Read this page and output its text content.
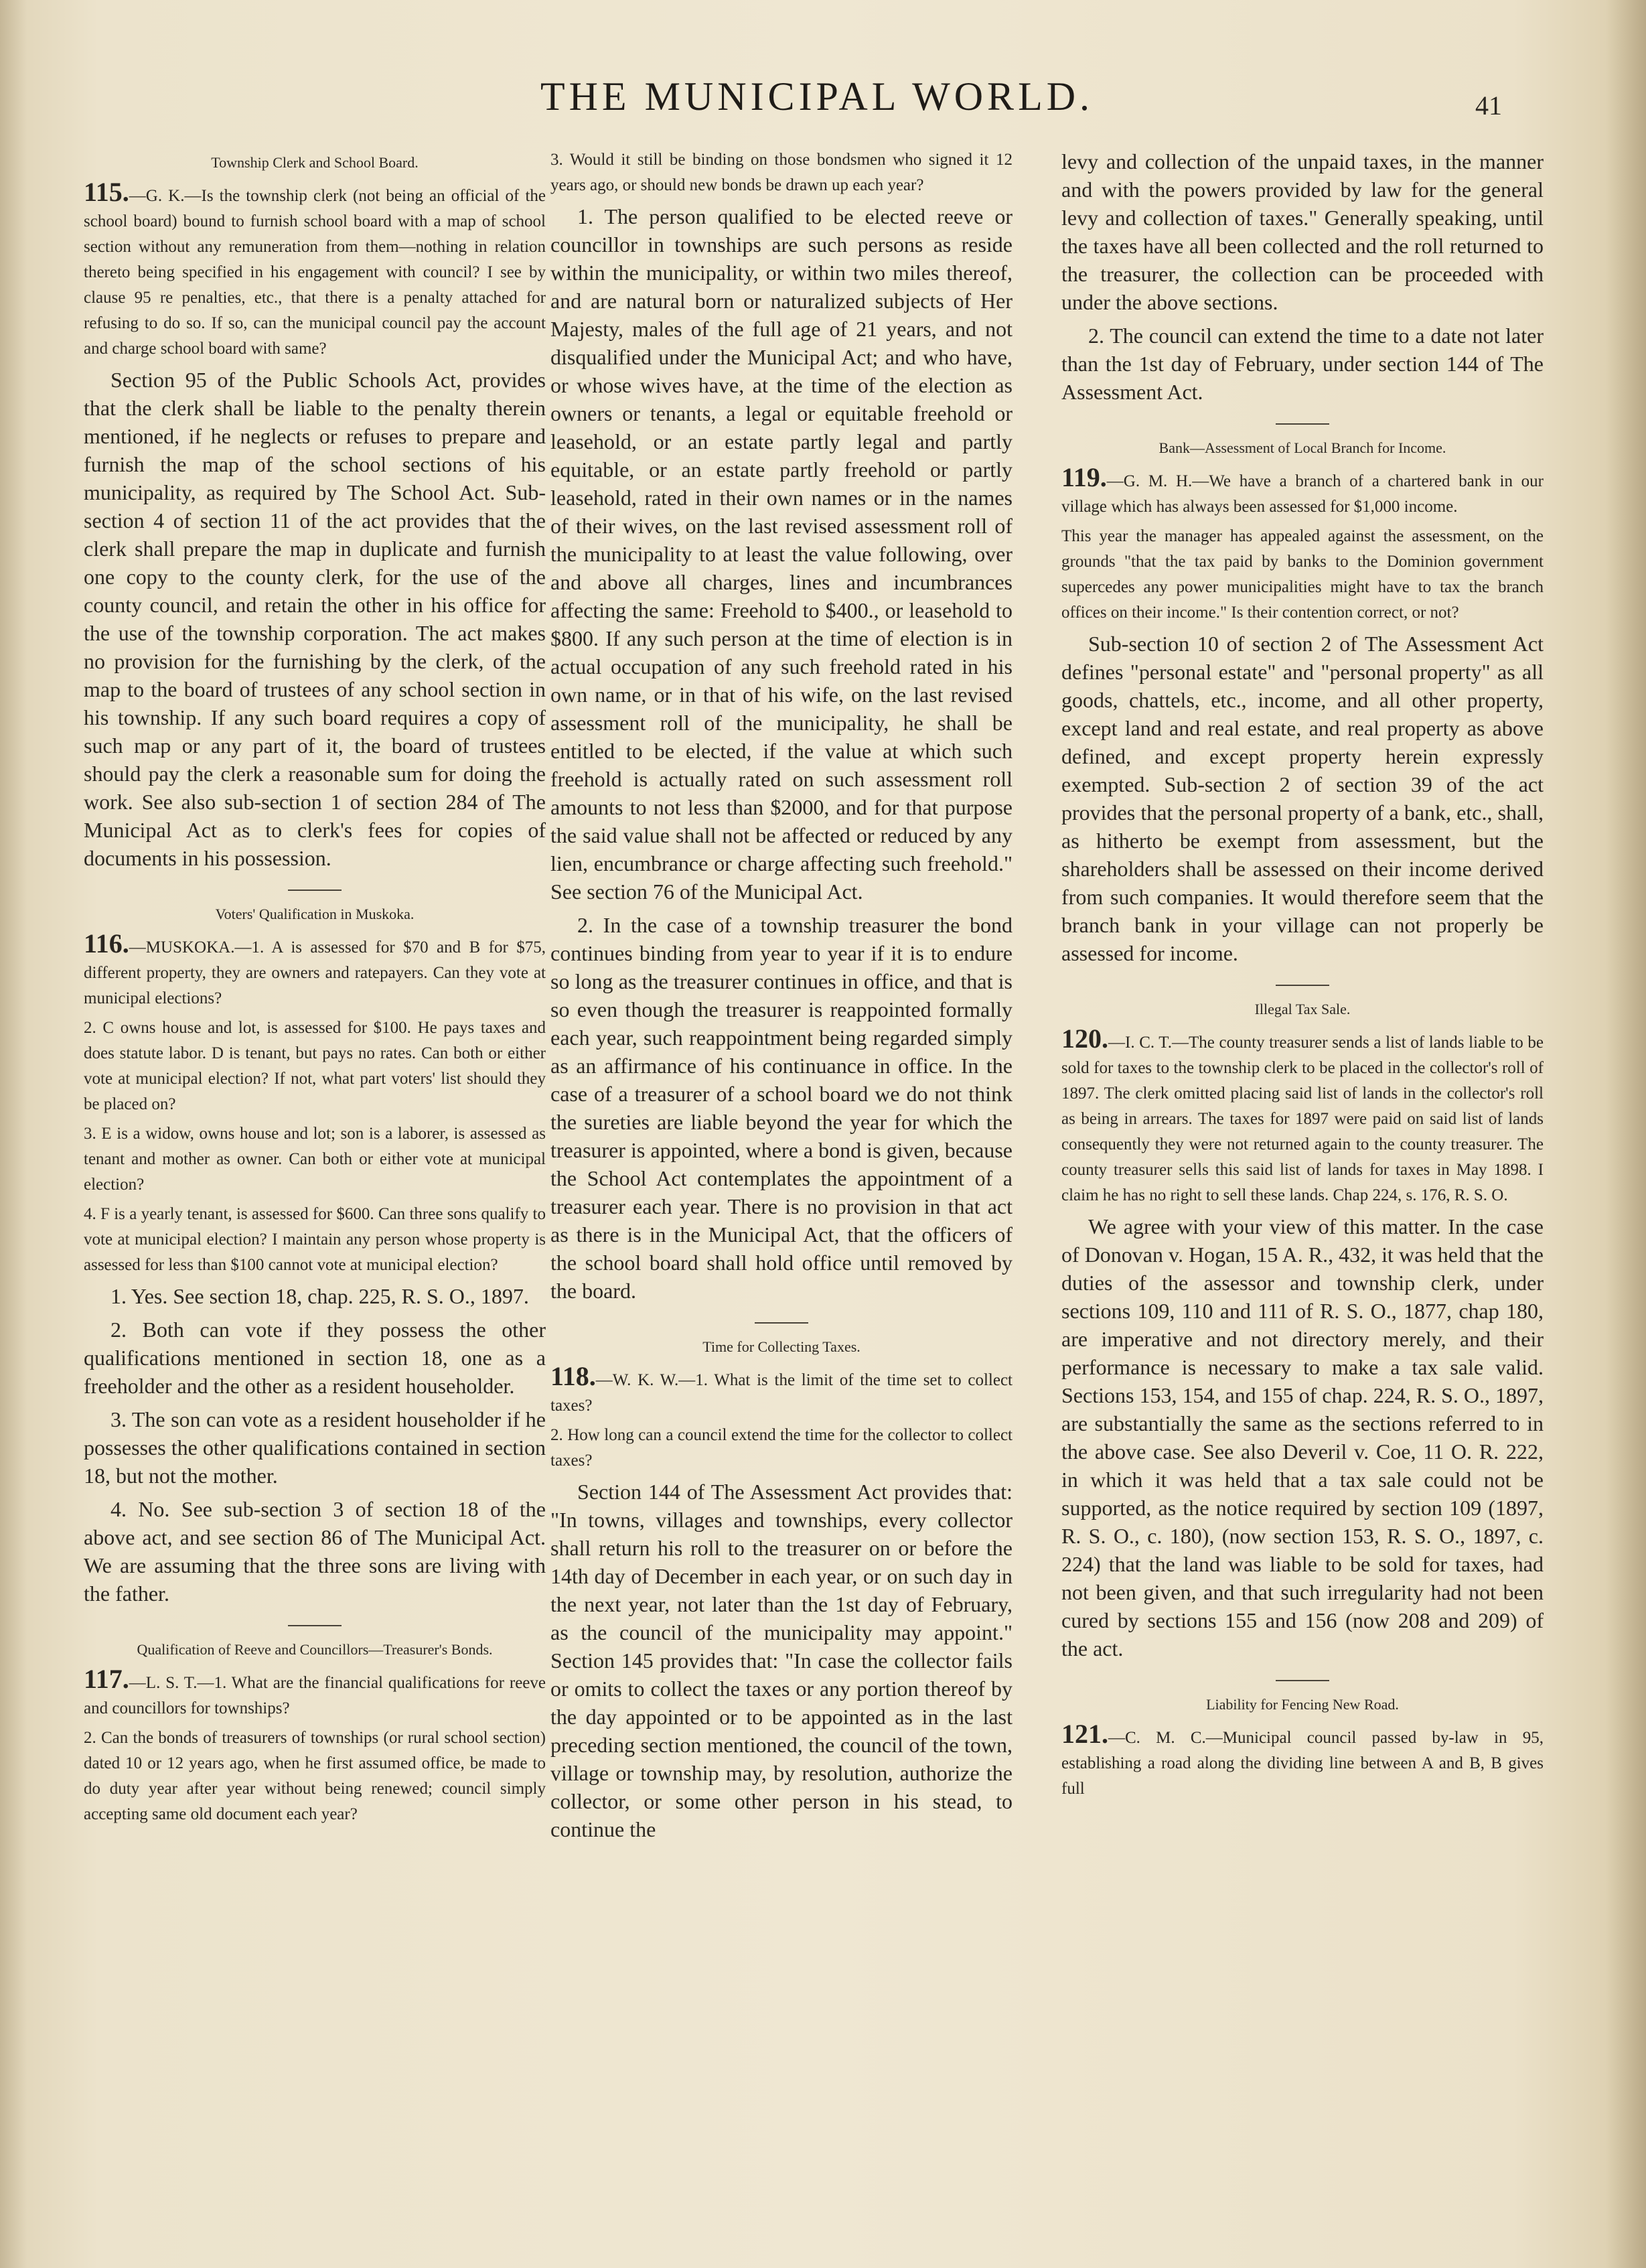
THE MUNICIPAL WORLD.	41
Township Clerk and School Board.

115.—G. K.—Is the township clerk (not being an official of the school board) bound to furnish school board with a map of school section without any remuneration from them—nothing in relation thereto being specified in his engagement with council? I see by clause 95 re penalties, etc., that there is a penalty attached for refusing to do so. If so, can the municipal council pay the account and charge school board with same?

Section 95 of the Public Schools Act, provides that the clerk shall be liable to the penalty therein mentioned, if he neglects or refuses to prepare and furnish the map of the school sections of his municipality, as required by The School Act. Sub-section 4 of section 11 of the act provides that the clerk shall prepare the map in duplicate and furnish one copy to the county clerk, for the use of the county council, and retain the other in his office for the use of the township corporation. The act makes no provision for the furnishing by the clerk, of the map to the board of trustees of any school section in his township. If any such board requires a copy of such map or any part of it, the board of trustees should pay the clerk a reasonable sum for doing the work. See also sub-section 1 of section 284 of The Municipal Act as to clerk's fees for copies of documents in his possession.

Voters' Qualification in Muskoka.

116.—MUSKOKA.—1. A is assessed for $70 and B for $75, different property, they are owners and ratepayers. Can they vote at municipal elections?

2. C owns house and lot, is assessed for $100. He pays taxes and does statute labor. D is tenant, but pays no rates. Can both or either vote at municipal election? If not, what part voters' list should they be placed on?

3. E is a widow, owns house and lot; son is a laborer, is assessed as tenant and mother as owner. Can both or either vote at municipal election?

4. F is a yearly tenant, is assessed for $600. Can three sons qualify to vote at municipal election? I maintain any person whose property is assessed for less than $100 cannot vote at municipal election?

1. Yes. See section 18, chap. 225, R. S. O., 1897.

2. Both can vote if they possess the other qualifications mentioned in section 18, one as a freeholder and the other as a resident householder.

3. The son can vote as a resident householder if he possesses the other qualifications contained in section 18, but not the mother.

4. No. See sub-section 3 of section 18 of the above act, and see section 86 of The Municipal Act. We are assuming that the three sons are living with the father.

Qualification of Reeve and Councillors—Treasurer's Bonds.

117.—L. S. T.—1. What are the financial qualifications for reeve and councillors for townships?

2. Can the bonds of treasurers of townships (or rural school section) dated 10 or 12 years ago, when he first assumed office, be made to do duty year after year without being renewed; council simply accepting same old document each year?

3. Would it still be binding on those bondsmen who signed it 12 years ago, or should new bonds be drawn up each year?

1. The person qualified to be elected reeve or councillor in townships are such persons as reside within the municipality, or within two miles thereof, and are natural born or naturalized subjects of Her Majesty, males of the full age of 21 years, and not disqualified under the Municipal Act; and who have, or whose wives have, at the time of the election as owners or tenants, a legal or equitable freehold or leasehold, or an estate partly legal and partly equitable, or an estate partly freehold or partly leasehold, rated in their own names or in the names of their wives, on the last revised assessment roll of the municipality to at least the value following, over and above all charges, lines and incumbrances affecting the same: Freehold to $400., or leasehold to $800. If any such person at the time of election is in actual occupation of any such freehold rated in his own name, or in that of his wife, on the last revised assessment roll of the municipality, he shall be entitled to be elected, if the value at which such freehold is actually rated on such assessment roll amounts to not less than $2000, and for that purpose the said value shall not be affected or reduced by any lien, encumbrance or charge affecting such freehold." See section 76 of the Municipal Act.

2. In the case of a township treasurer the bond continues binding from year to year if it is to endure so long as the treasurer continues in office, and that is so even though the treasurer is reappointed formally each year, such reappointment being regarded simply as an affirmance of his continuance in office. In the case of a treasurer of a school board we do not think the sureties are liable beyond the year for which the treasurer is appointed, where a bond is given, because the School Act contemplates the appointment of a treasurer each year. There is no provision in that act as there is in the Municipal Act, that the officers of the school board shall hold office until removed by the board.

Time for Collecting Taxes.

118.—W. K. W.—1. What is the limit of the time set to collect taxes?

2. How long can a council extend the time for the collector to collect taxes?

Section 144 of The Assessment Act provides that: "In towns, villages and townships, every collector shall return his roll to the treasurer on or before the 14th day of December in each year, or on such day in the next year, not later than the 1st day of February, as the council of the municipality may appoint." Section 145 provides that: "In case the collector fails or omits to collect the taxes or any portion thereof by the day appointed or to be appointed as in the last preceding section mentioned, the council of the town, village or township may, by resolution, authorize the collector, or some other person in his stead, to continue the

levy and collection of the unpaid taxes, in the manner and with the powers provided by law for the general levy and collection of taxes." Generally speaking, until the taxes have all been collected and the roll returned to the treasurer, the collection can be proceeded with under the above sections.

2. The council can extend the time to a date not later than the 1st day of February, under section 144 of The Assessment Act.

Bank—Assessment of Local Branch for Income.

119.—G. M. H.—We have a branch of a chartered bank in our village which has always been assessed for $1,000 income.

This year the manager has appealed against the assessment, on the grounds "that the tax paid by banks to the Dominion government supercedes any power municipalities might have to tax the branch offices on their income." Is their contention correct, or not?

Sub-section 10 of section 2 of The Assessment Act defines "personal estate" and "personal property" as all goods, chattels, etc., income, and all other property, except land and real estate, and real property as above defined, and except property herein expressly exempted. Sub-section 2 of section 39 of the act provides that the personal property of a bank, etc., shall, as hitherto be exempt from assessment, but the shareholders shall be assessed on their income derived from such companies. It would therefore seem that the branch bank in your village can not properly be assessed for income.

Illegal Tax Sale.

120.—I. C. T.—The county treasurer sends a list of lands liable to be sold for taxes to the township clerk to be placed in the collector's roll of 1897. The clerk omitted placing said list of lands in the collector's roll as being in arrears. The taxes for 1897 were paid on said list of lands consequently they were not returned again to the county treasurer. The county treasurer sells this said list of lands for taxes in May 1898. I claim he has no right to sell these lands. Chap 224, s. 176, R. S. O.

We agree with your view of this matter. In the case of Donovan v. Hogan, 15 A. R., 432, it was held that the duties of the assessor and township clerk, under sections 109, 110 and 111 of R. S. O., 1877, chap 180, are imperative and not directory merely, and their performance is necessary to make a tax sale valid. Sections 153, 154, and 155 of chap. 224, R. S. O., 1897, are substantially the same as the sections referred to in the above case. See also Deveril v. Coe, 11 O. R. 222, in which it was held that a tax sale could not be supported, as the notice required by section 109 (1897, R. S. O., c. 180), (now section 153, R. S. O., 1897, c. 224) that the land was liable to be sold for taxes, had not been given, and that such irregularity had not been cured by sections 155 and 156 (now 208 and 209) of the act.

Liability for Fencing New Road.

121.—C. M. C.—Municipal council passed by-law in 95, establishing a road along the dividing line between A and B, B gives full
